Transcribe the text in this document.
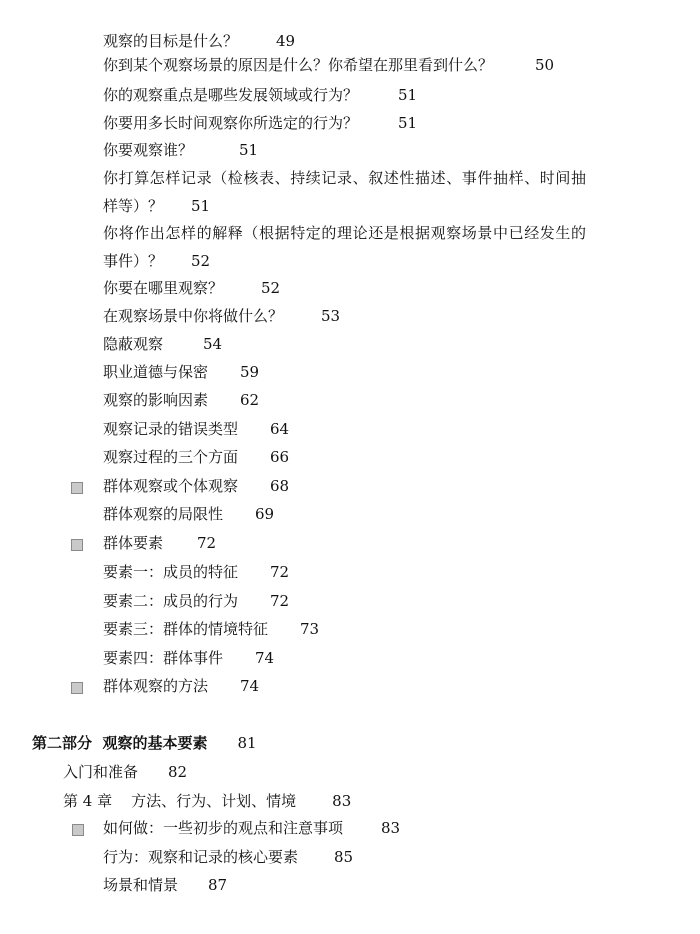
观察的目标是什么？	49
你到某个观察场景的原因是什么？你希望在那里看到什么？	50
你的观察重点是哪些发展领域或行为？	51
你要用多长时间观察你所选定的行为？	51
你要观察谁？	51
你打算怎样记录（检核表、持续记录、叙述性描述、事件抽样、时间抽
样等）？ 51
你将作出怎样的解释（根据特定的理论还是根据观察场景中已经发生的
事件）？ 52
你要在哪里观察？	52
在观察场景中你将做什么？	53
隐蔽观察	54
职业道德与保密 59
观察的影响因素 62
观察记录的错误类型 64
观察过程的三个方面 66
群体观察或个体观察 68
群体观察的局限性 69
群体要素 72
要素一：成员的特征 72
要素二：成员的行为 72
要素三：群体的情境特征 73
要素四：群体事件 74
群体观察的方法 74
第二部分  观察的基本要素 81
入门和准备 82
第 4 章    方法、行为、计划、情境 83
如何做：一些初步的观点和注意事项	83
行为：观察和记录的核心要素 85
场景和情景 87
